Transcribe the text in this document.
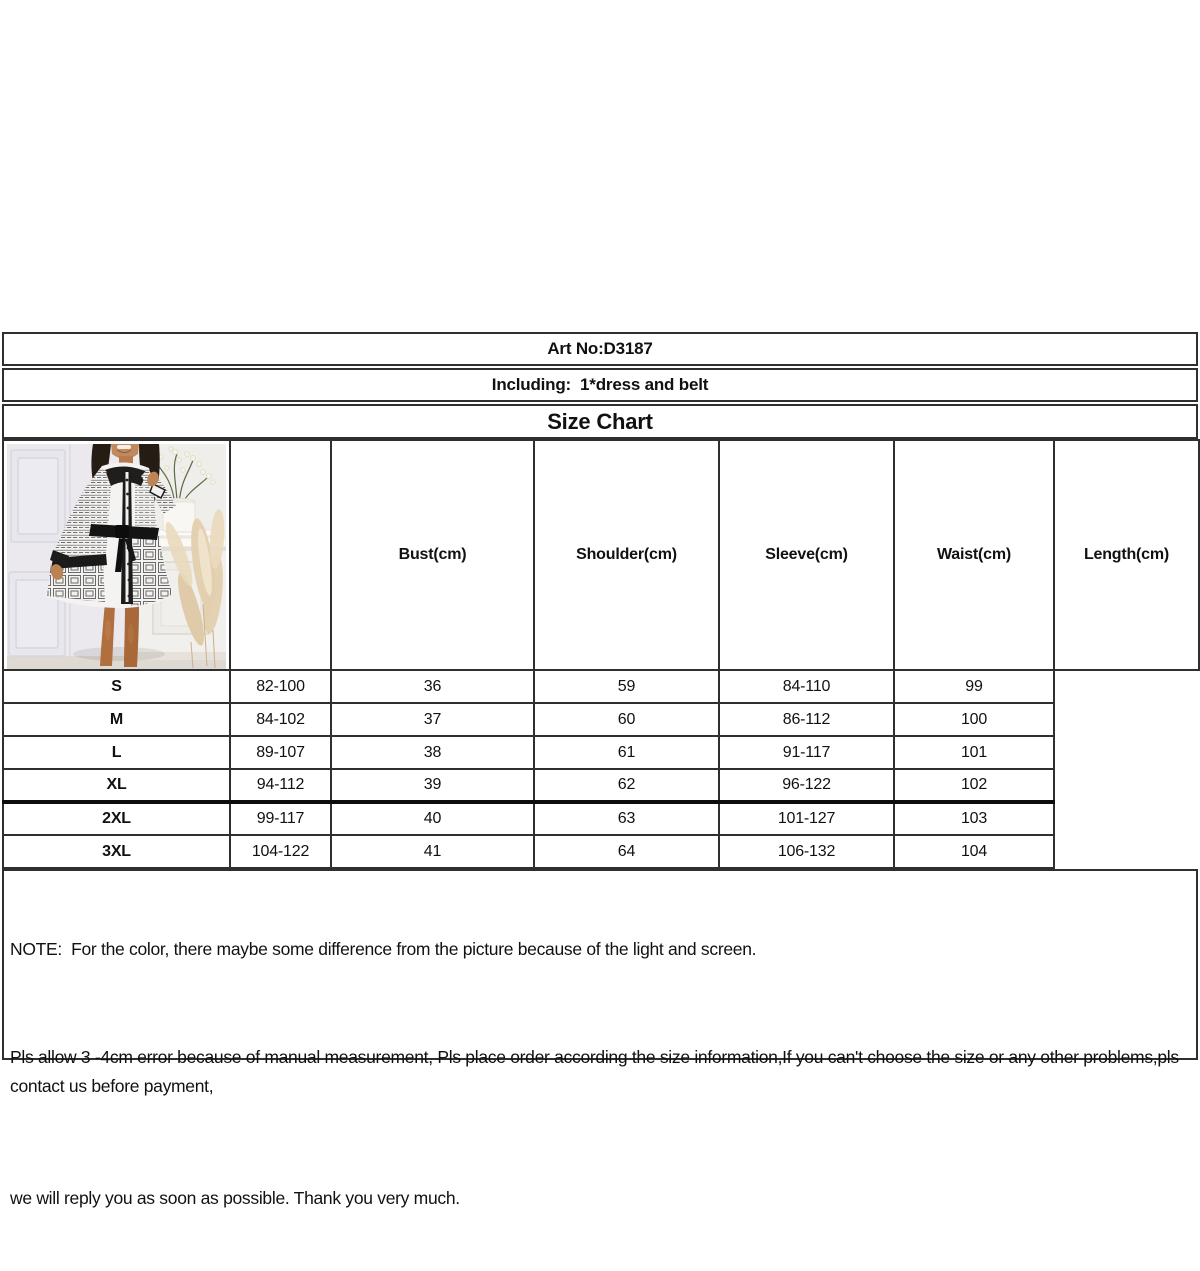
Art No:D3187
Including:  1*dress and belt
Size Chart
		Bust(cm)	Shoulder(cm)	Sleeve(cm)	Waist(cm)	Length(cm)
S	82-100	36	59	84-110	99	
M	84-102	37	60	86-112	100	
L	89-107	38	61	91-117	101	
XL	94-112	39	62	96-122	102	
2XL	99-117	40	63	101-127	103	
3XL	104-122	41	64	106-132	104	

NOTE:  For the color, there maybe some difference from the picture because of the light and screen.

Pls allow 3 -4cm error because of manual measurement, Pls place order according the size information,If you can't choose the size or any other problems,pls contact us before payment,

we will reply you as soon as possible. Thank you very much.
